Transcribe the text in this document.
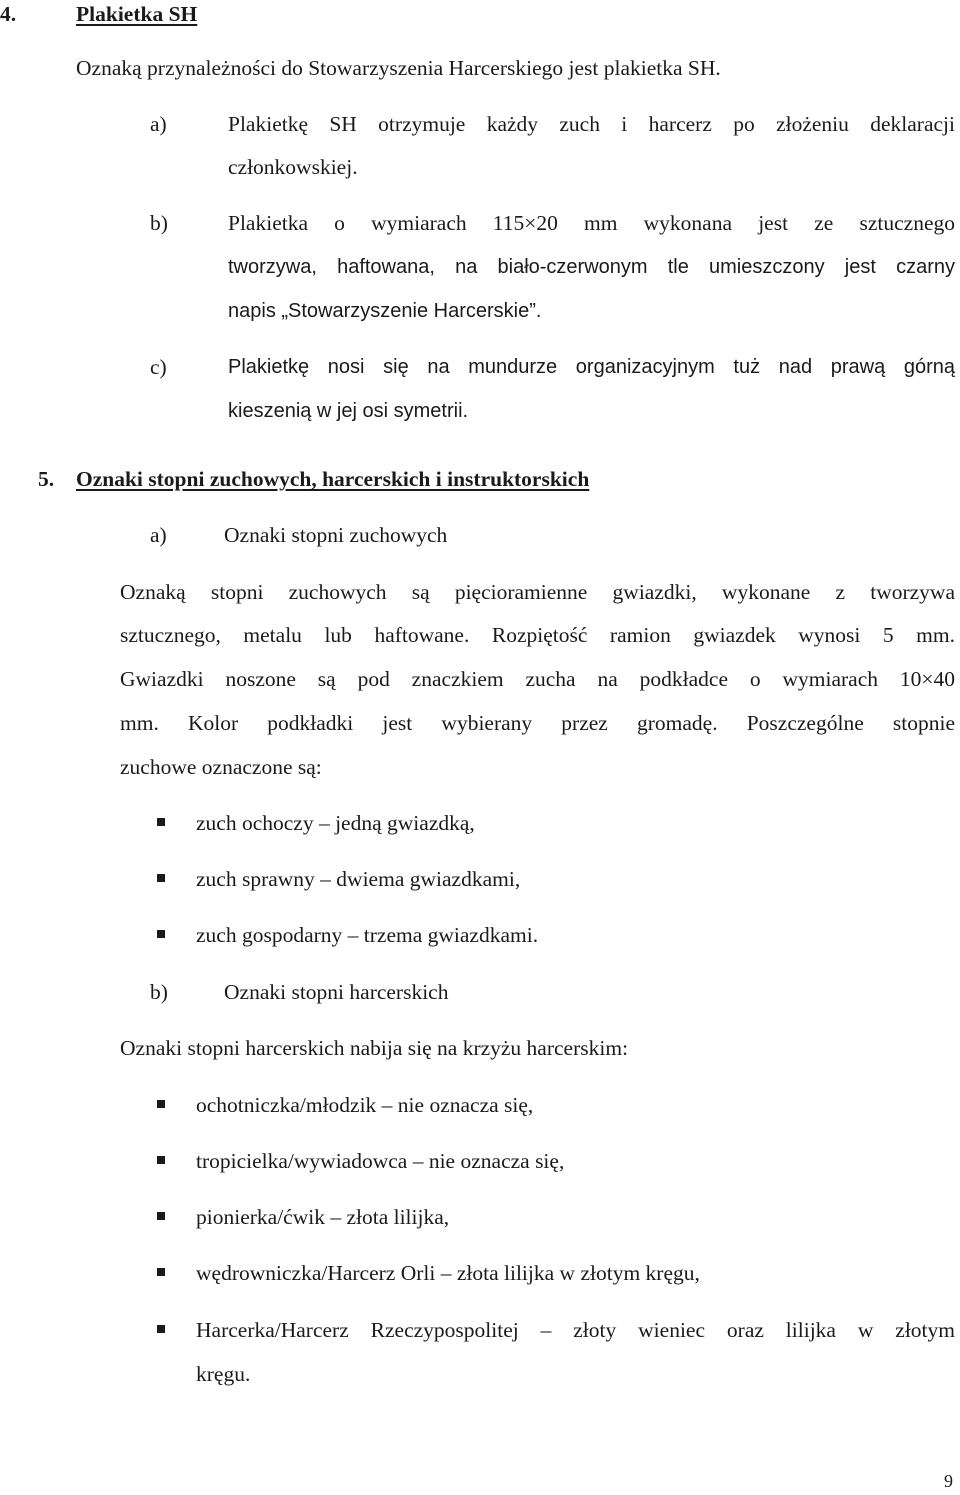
4.	Plakietka SH
Oznaką przynależności do Stowarzyszenia Harcerskiego jest plakietka SH.
a)	Plakietkę SH otrzymuje każdy zuch i harcerz po złożeniu deklaracji
członkowskiej.
b)	Plakietka o wymiarach 115×20 mm wykonana jest ze sztucznego
tworzywa, haftowana, na biało-czerwonym tle umieszczony jest czarny
napis „Stowarzyszenie Harcerskie”.
c)	Plakietkę nosi się na mundurze organizacyjnym tuż nad prawą górną
kieszenią w jej osi symetrii.
5. Oznaki stopni zuchowych, harcerskich i instruktorskich
a)	Oznaki stopni zuchowych
Oznaką stopni zuchowych są pięcioramienne gwiazdki, wykonane z tworzywa
sztucznego, metalu lub haftowane. Rozpiętość ramion gwiazdek wynosi 5 mm.
Gwiazdki noszone są pod znaczkiem zucha na podkładce o wymiarach 10×40
mm. Kolor podkładki jest wybierany przez gromadę. Poszczególne stopnie
zuchowe oznaczone są:
zuch ochoczy – jedną gwiazdką,
zuch sprawny – dwiema gwiazdkami,
zuch gospodarny – trzema gwiazdkami.
b)	Oznaki stopni harcerskich
Oznaki stopni harcerskich nabija się na krzyżu harcerskim:
ochotniczka/młodzik – nie oznacza się,
tropicielka/wywiadowca – nie oznacza się,
pionierka/ćwik – złota lilijka,
wędrowniczka/Harcerz Orli – złota lilijka w złotym kręgu,
Harcerka/Harcerz Rzeczypospolitej – złoty wieniec oraz lilijka w złotym
kręgu.
9
